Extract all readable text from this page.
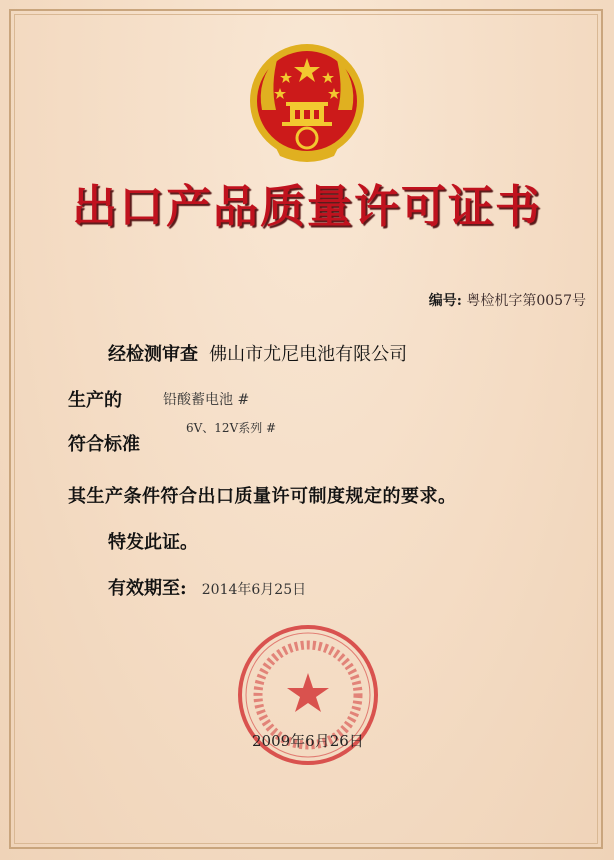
出口产品质量许可证书
编号: 粤检机字第0057号
经检测审查 佛山市尤尼电池有限公司
生产的	铅酸蓄电池 #
6V、12V系列 #
符合标准
其生产条件符合出口质量许可制度规定的要求。
特发此证。
有效期至: 2014年6月25日
2009年6月26日
